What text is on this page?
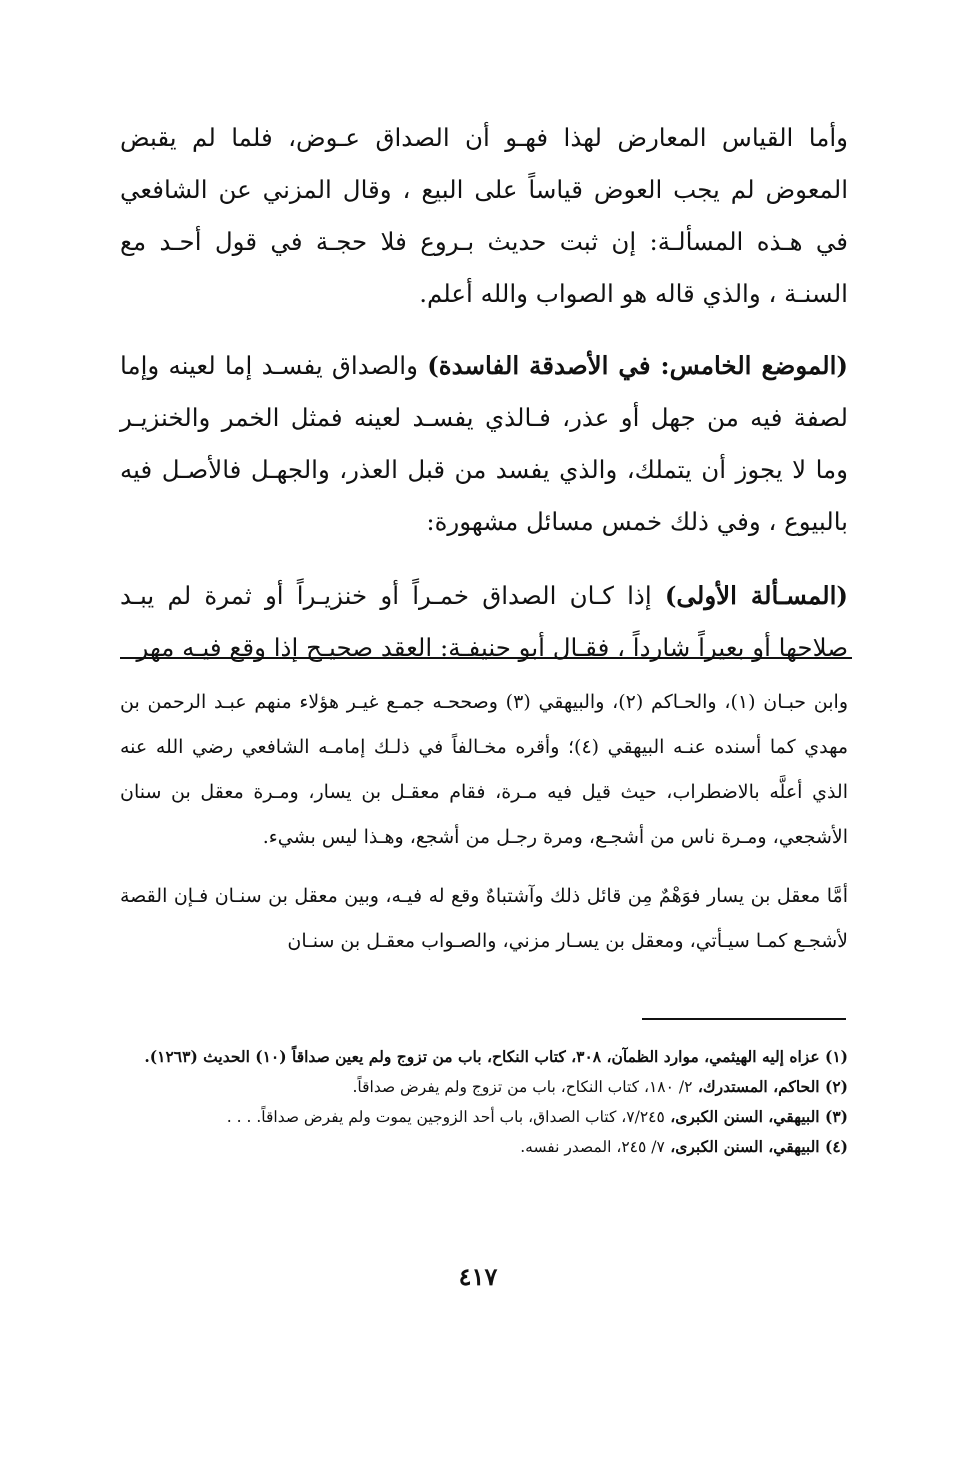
وأما القياس المعارض لهذا فهـو أن الصداق عـوض، فلما لم يقبض المعوض لم يجب العوض قياساً على البيع ، وقال المزني عن الشافعي في هـذه المسألـة: إن ثبت حديث بـروع فلا حجـة في قول أحـد مع السنـة ، والذي قاله هو الصواب والله أعلم.

(الموضع الخامس: في الأصدقة الفاسدة) والصداق يفسـد إما لعينه وإما لصفة فيه من جهل أو عذر، فـالذي يفسـد لعينه فمثل الخمر والخنزيـر وما لا يجوز أن يتملك، والذي يفسد من قبل العذر، والجهـل فالأصـل فيه بالبيوع ، وفي ذلك خمس مسائل مشهورة:

(المسـألة الأولى) إذا كـان الصداق خمـراً أو خنزيـراً أو ثمرة لم يبـد صلاحها أو بعيراً شارداً ، فقـال أبو حنيفـة: العقد صحيـح إذا وقع فيـه مهر

وابن حبـان (١)، والحـاكم (٢)، والبيهقي (٣) وصححـه جمـع غيـر هؤلاء منهم عبـد الرحمن بن مهدي كما أسنده عنـه البيهقي (٤)؛ وأقره مخـالفاً في ذلـك إمامـه الشافعي رضي الله عنه الذي أعلَّه بالاضطراب، حيث قيل فيه مـرة، فقام معقـل بن يسار، ومـرة معقل بن سنان الأشجعي، ومـرة ناس من أشجـع، ومرة رجـل من أشجع، وهـذا ليس بشيء.

أمَّا معقل بن يسار فوَهْمٌ مِن قائل ذلك وآشتباهٌ وقع له فيـه، وبين معقل بن سنـان فـإن القصة لأشجـع كمـا سيـأتي، ومعقل بن يسـار مزني، والصـواب معقـل بن سنـان

(١) عزاه إليه الهيثمي، موارد الظمآن، ٣٠٨، كتاب النكاح، باب من تزوج ولم يعين صداقاً (١٠) الحديث (١٢٦٣).

(٢) الحاكم، المستدرك، ٢/ ١٨٠، كتاب النكاح، باب من تزوج ولم يفرض صداقاً.

(٣) البيهقي، السنن الكبرى، ٧/٢٤٥، كتاب الصداق، باب أحد الزوجين يموت ولم يفرض صداقاً. . . .

(٤) البيهقي، السنن الكبرى، ٧/ ٢٤٥، المصدر نفسه.

٤١٧
